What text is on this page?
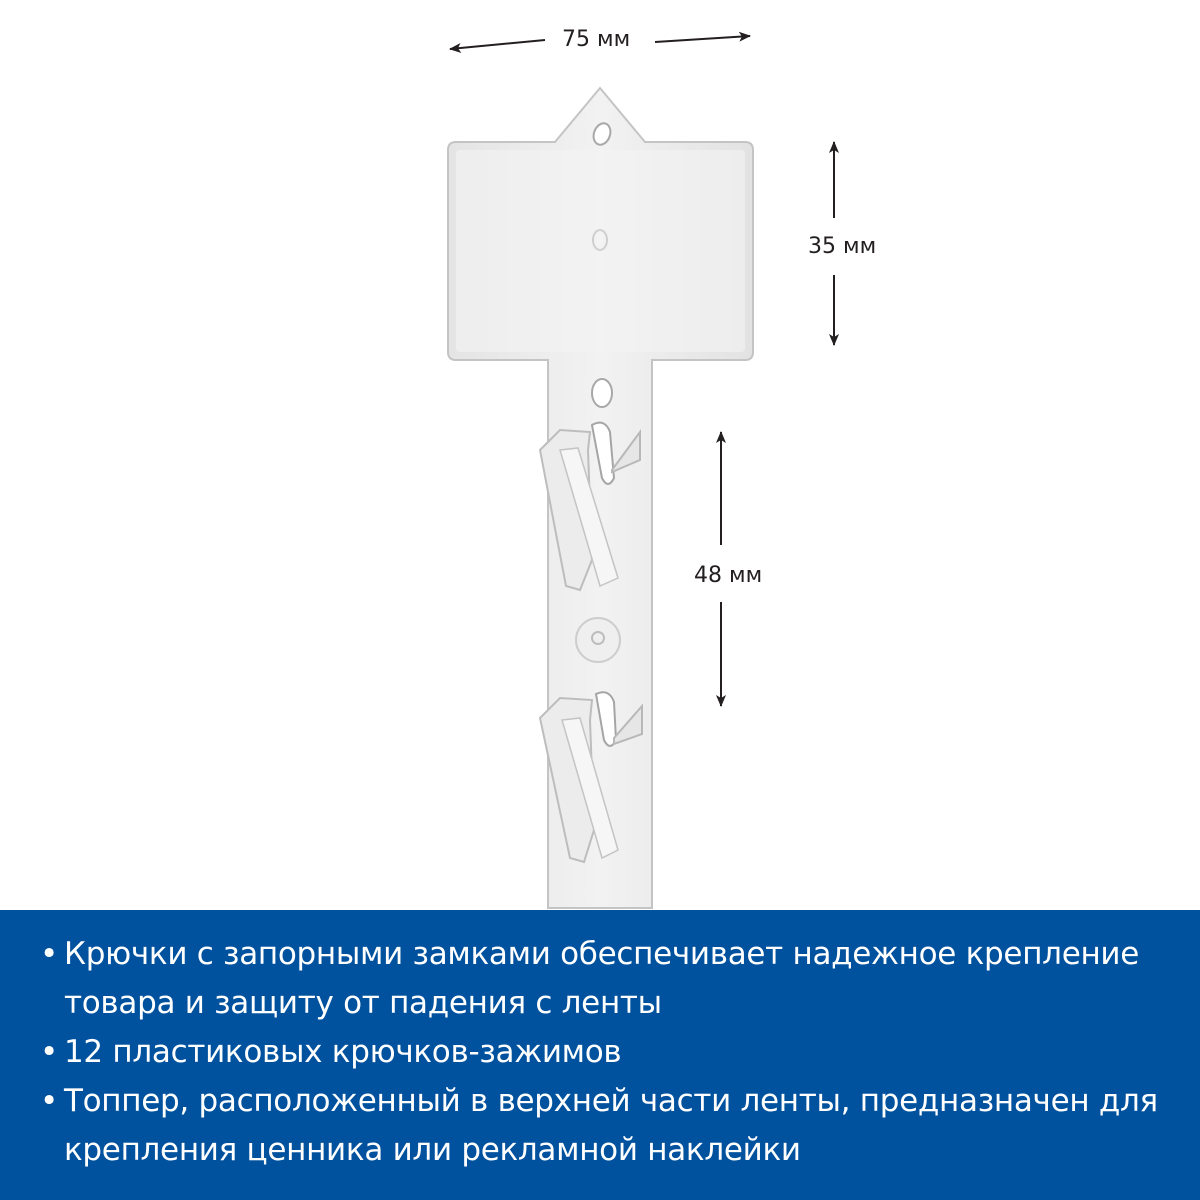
75 мм
35 мм
48 мм
• Крючки с запорными замками обеспечивает надежное крепление товара и защиту от падения с ленты
• 12 пластиковых крючков-зажимов
• Топпер, расположенный в верхней части ленты, предназначен для крепления ценника или рекламной наклейки
